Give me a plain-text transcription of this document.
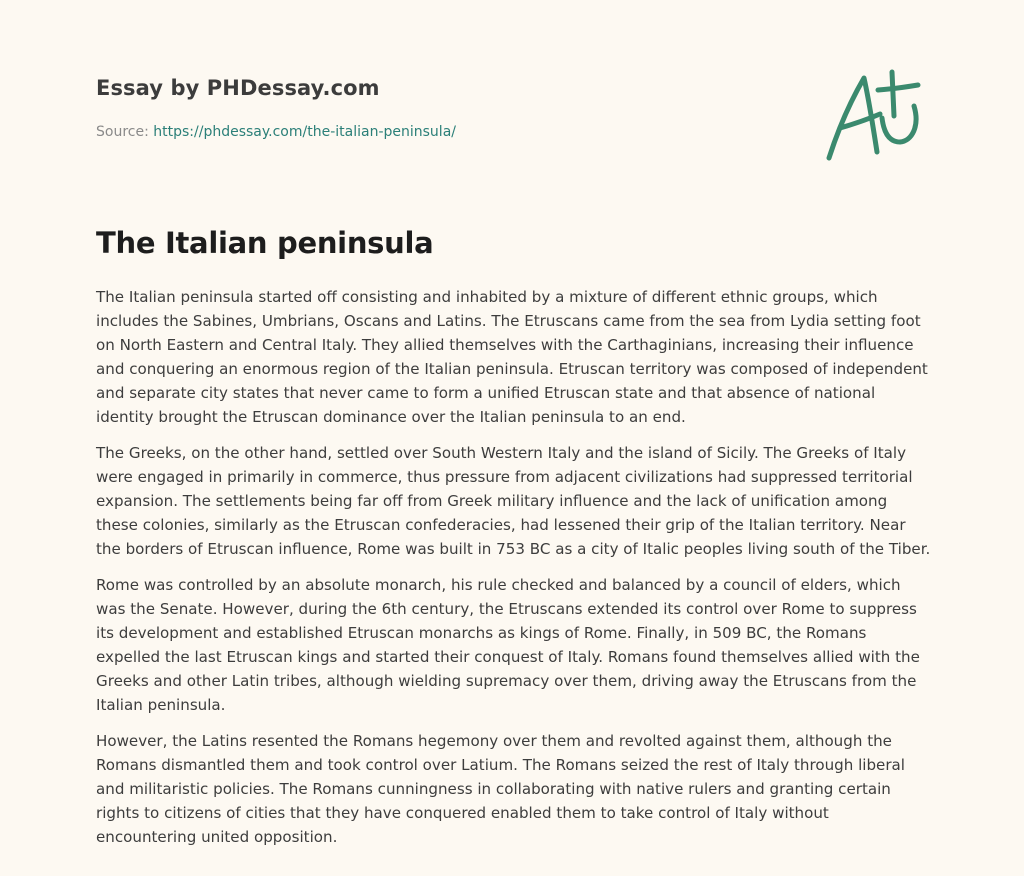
Essay by PHDessay.com
Source: https://phdessay.com/the-italian-peninsula/
The Italian peninsula

The Italian peninsula started off consisting and inhabited by a mixture of different ethnic groups, which includes the Sabines, Umbrians, Oscans and Latins. The Etruscans came from the sea from Lydia setting foot on North Eastern and Central Italy. They allied themselves with the Carthaginians, increasing their influence and conquering an enormous region of the Italian peninsula. Etruscan territory was composed of independent and separate city states that never came to form a unified Etruscan state and that absence of national identity brought the Etruscan dominance over the Italian peninsula to an end.

The Greeks, on the other hand, settled over South Western Italy and the island of Sicily. The Greeks of Italy were engaged in primarily in commerce, thus pressure from adjacent civilizations had suppressed territorial expansion. The settlements being far off from Greek military influence and the lack of unification among these colonies, similarly as the Etruscan confederacies, had lessened their grip of the Italian territory. Near the borders of Etruscan influence, Rome was built in 753 BC as a city of Italic peoples living south of the Tiber.

Rome was controlled by an absolute monarch, his rule checked and balanced by a council of elders, which was the Senate. However, during the 6th century, the Etruscans extended its control over Rome to suppress its development and established Etruscan monarchs as kings of Rome. Finally, in 509 BC, the Romans expelled the last Etruscan kings and started their conquest of Italy. Romans found themselves allied with the Greeks and other Latin tribes, although wielding supremacy over them, driving away the Etruscans from the Italian peninsula.

However, the Latins resented the Romans hegemony over them and revolted against them, although the Romans dismantled them and took control over Latium. The Romans seized the rest of Italy through liberal and militaristic policies. The Romans cunningness in collaborating with native rulers and granting certain rights to citizens of cities that they have conquered enabled them to take control of Italy without encountering united opposition.
